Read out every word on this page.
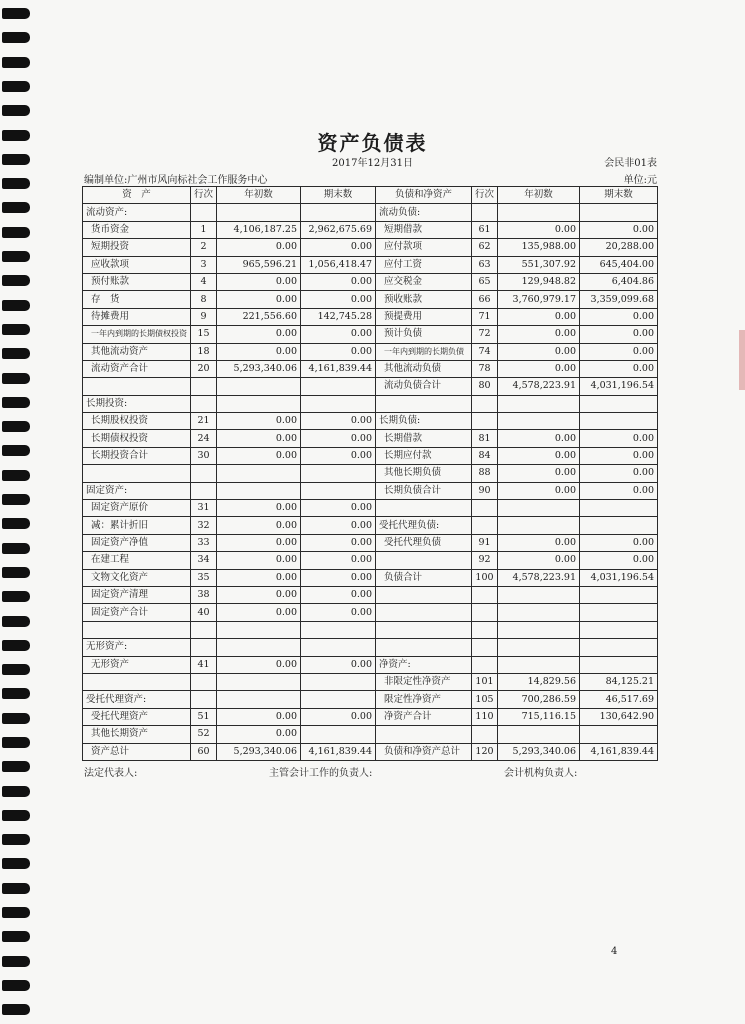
资产负债表
2017年12月31日	会民非01表
编制单位:广州市风向标社会工作服务中心	单位:元
资　产	行次	年初数	期末数	负债和净资产	行次	年初数	期末数
流动资产:				流动负债:			
货币资金	1	4,106,187.25	2,962,675.69	短期借款	61	0.00	0.00
短期投资	2	0.00	0.00	应付款项	62	135,988.00	20,288.00
应收款项	3	965,596.21	1,056,418.47	应付工资	63	551,307.92	645,404.00
预付账款	4	0.00	0.00	应交税金	65	129,948.82	6,404.86
存　货	8	0.00	0.00	预收账款	66	3,760,979.17	3,359,099.68
待摊费用	9	221,556.60	142,745.28	预提费用	71	0.00	0.00
一年内到期的长期债权投资	15	0.00	0.00	预计负债	72	0.00	0.00
其他流动资产	18	0.00	0.00	一年内到期的长期负债	74	0.00	0.00
流动资产合计	20	5,293,340.06	4,161,839.44	其他流动负债	78	0.00	0.00
				流动负债合计	80	4,578,223.91	4,031,196.54
长期投资:							
长期股权投资	21	0.00	0.00	长期负债:			
长期债权投资	24	0.00	0.00	长期借款	81	0.00	0.00
长期投资合计	30	0.00	0.00	长期应付款	84	0.00	0.00
				其他长期负债	88	0.00	0.00
固定资产:				长期负债合计	90	0.00	0.00
固定资产原价	31	0.00	0.00				
减：累计折旧	32	0.00	0.00	受托代理负债:			
固定资产净值	33	0.00	0.00	受托代理负债	91	0.00	0.00
在建工程	34	0.00	0.00		92	0.00	0.00
文物文化资产	35	0.00	0.00	负债合计	100	4,578,223.91	4,031,196.54
固定资产清理	38	0.00	0.00				
固定资产合计	40	0.00	0.00				

无形资产:							
无形资产	41	0.00	0.00	净资产:			
				非限定性净资产	101	14,829.56	84,125.21
受托代理资产:				限定性净资产	105	700,286.59	46,517.69
受托代理资产	51	0.00	0.00	净资产合计	110	715,116.15	130,642.90
其他长期资产	52	0.00					
资产总计	60	5,293,340.06	4,161,839.44	负债和净资产总计	120	5,293,340.06	4,161,839.44
法定代表人:	主管会计工作的负责人:	会计机构负责人:
4
